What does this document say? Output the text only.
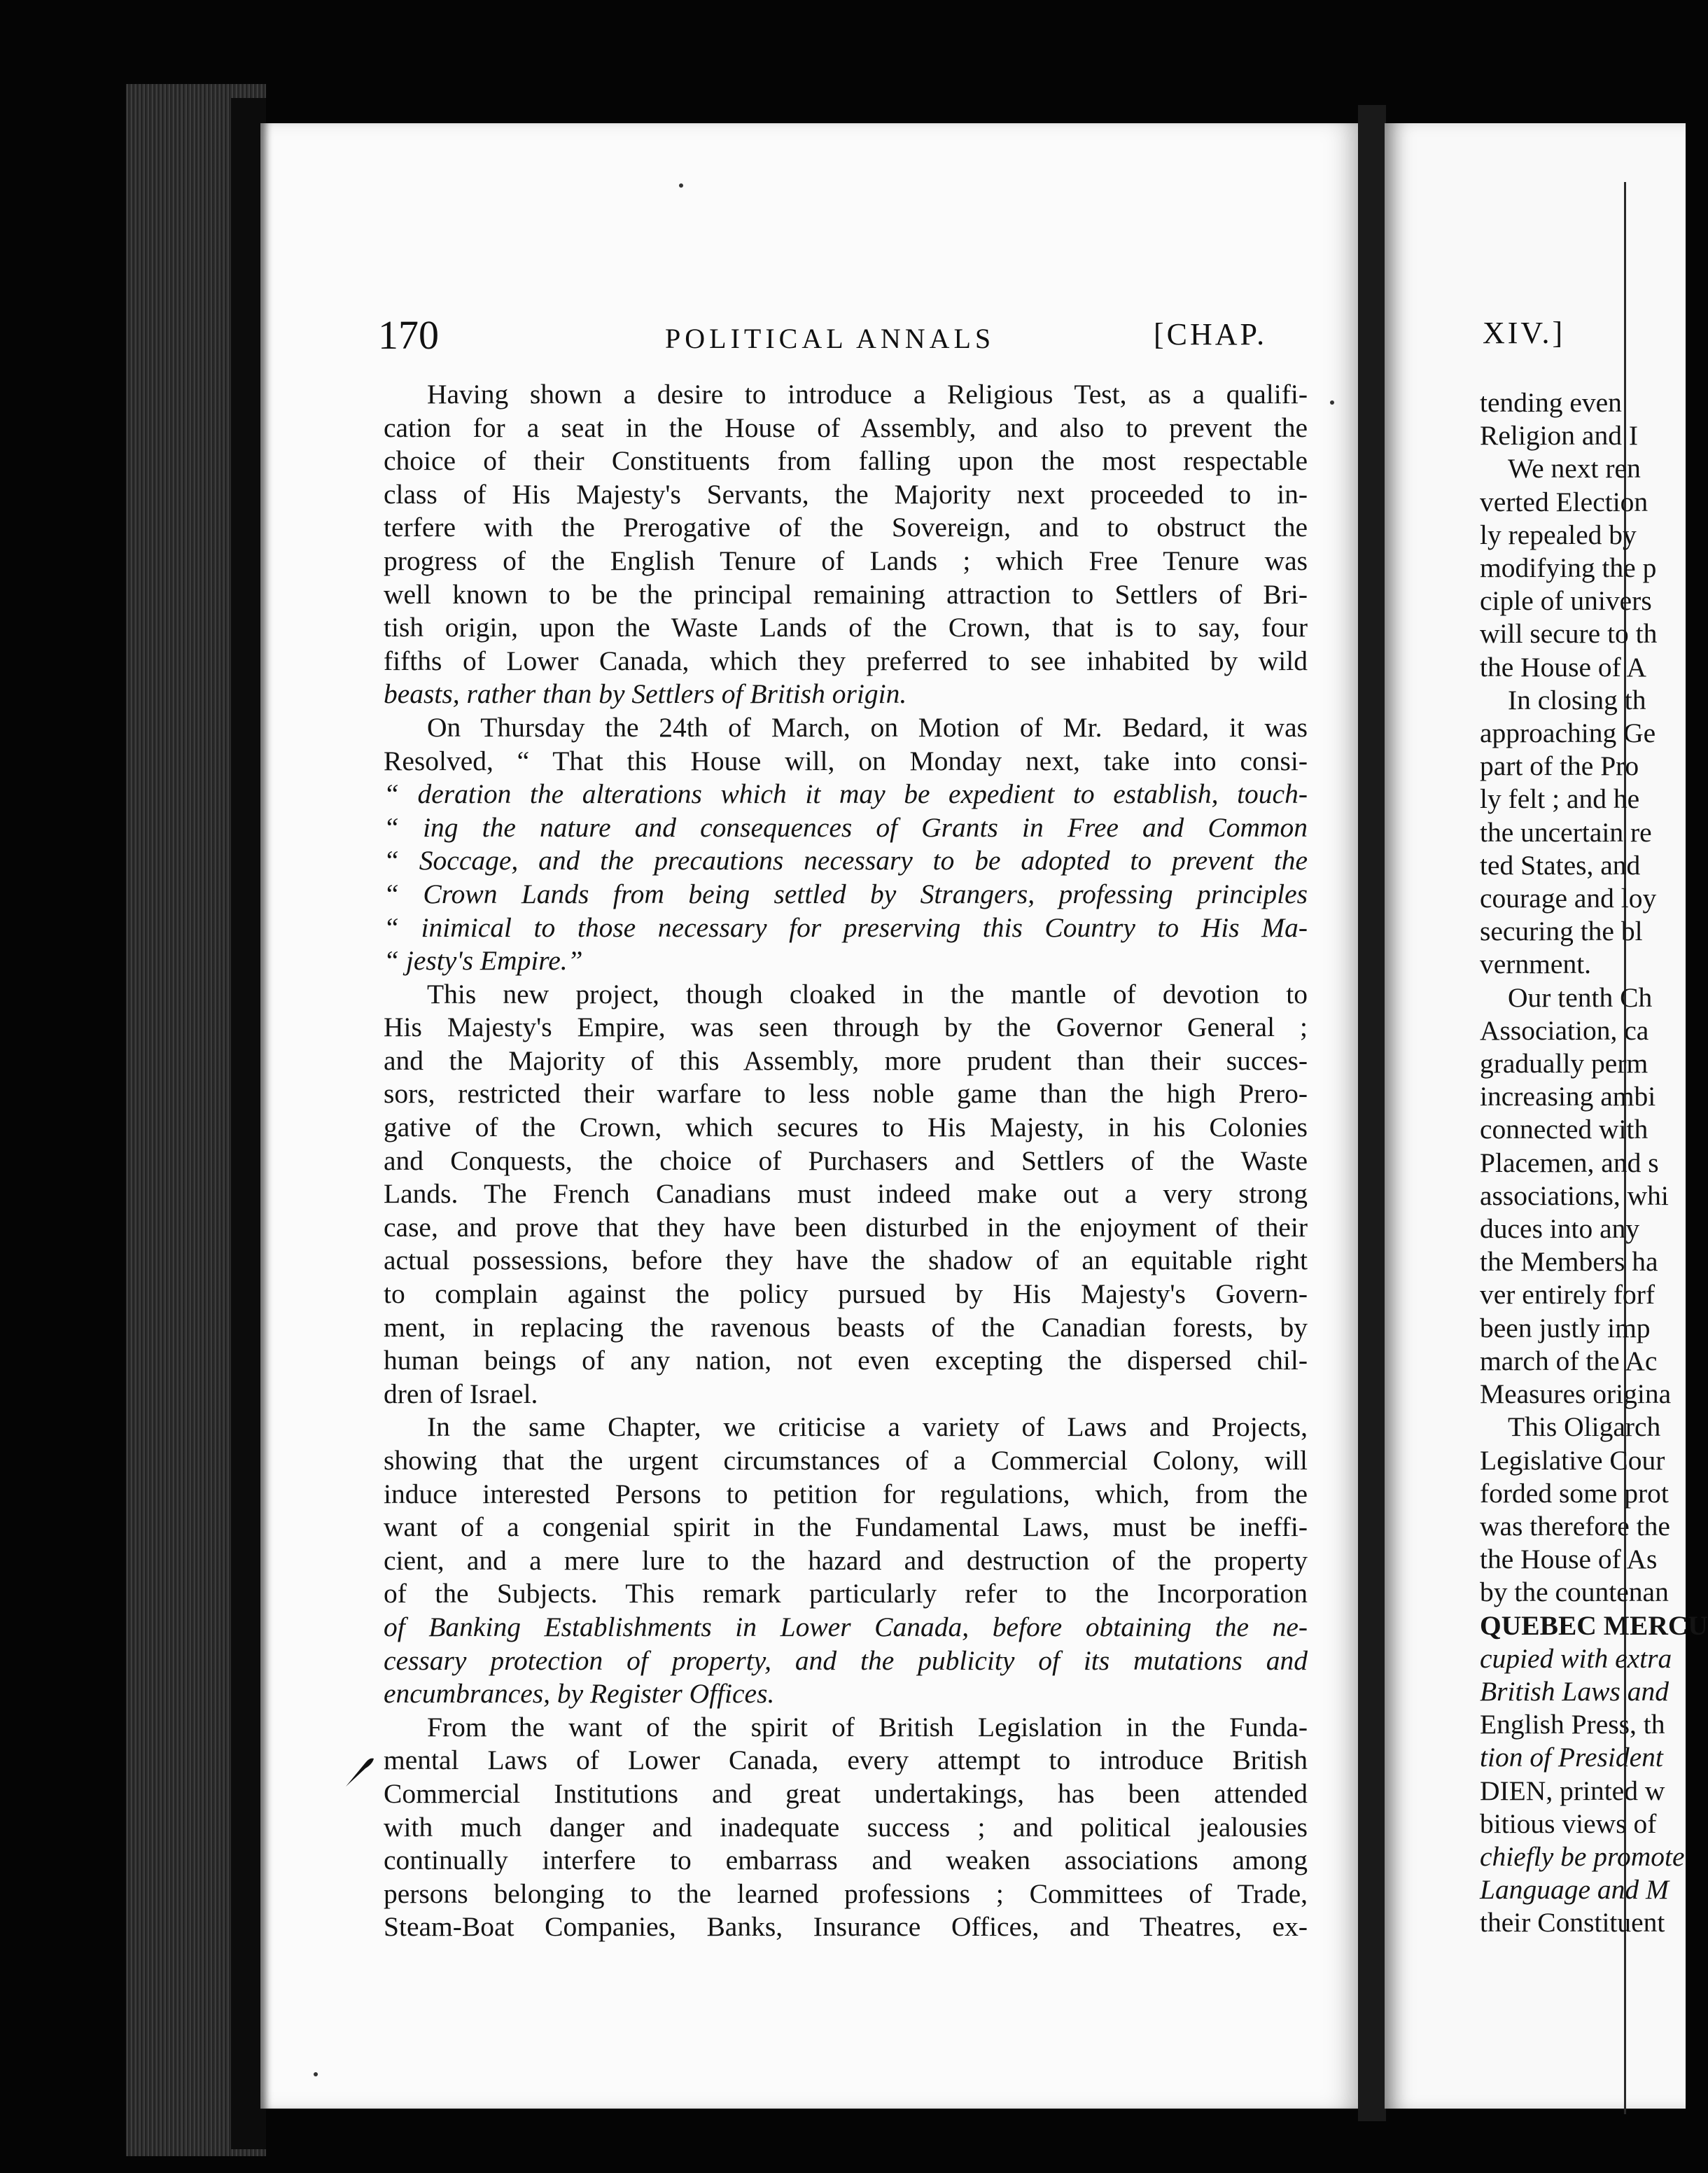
170	POLITICAL ANNALS	[CHAP.
Having shown a desire to introduce a Religious Test, as a qualifi-
cation for a seat in the House of Assembly, and also to prevent the
choice of their Constituents from falling upon the most respectable
class of His Majesty's Servants, the Majority next proceeded to in-
terfere with the Prerogative of the Sovereign, and to obstruct the
progress of the English Tenure of Lands ; which Free Tenure was
well known to be the principal remaining attraction to Settlers of Bri-
tish origin, upon the Waste Lands of the Crown, that is to say, four
fifths of Lower Canada, which they preferred to see inhabited by wild
beasts, rather than by Settlers of British origin.
On Thursday the 24th of March, on Motion of Mr. Bedard, it was
Resolved, “ That this House will, on Monday next, take into consi-
“ deration the alterations which it may be expedient to establish, touch-
“ ing the nature and consequences of Grants in Free and Common
“ Soccage, and the precautions necessary to be adopted to prevent the
“ Crown Lands from being settled by Strangers, professing principles
“ inimical to those necessary for preserving this Country to His Ma-
“ jesty's Empire.”
This new project, though cloaked in the mantle of devotion to
His Majesty's Empire, was seen through by the Governor General ;
and the Majority of this Assembly, more prudent than their succes-
sors, restricted their warfare to less noble game than the high Prero-
gative of the Crown, which secures to His Majesty, in his Colonies
and Conquests, the choice of Purchasers and Settlers of the Waste
Lands. The French Canadians must indeed make out a very strong
case, and prove that they have been disturbed in the enjoyment of their
actual possessions, before they have the shadow of an equitable right
to complain against the policy pursued by His Majesty's Govern-
ment, in replacing the ravenous beasts of the Canadian forests, by
human beings of any nation, not even excepting the dispersed chil-
dren of Israel.
In the same Chapter, we criticise a variety of Laws and Projects,
showing that the urgent circumstances of a Commercial Colony, will
induce interested Persons to petition for regulations, which, from the
want of a congenial spirit in the Fundamental Laws, must be ineffi-
cient, and a mere lure to the hazard and destruction of the property
of the Subjects. This remark particularly refer to the Incorporation
of Banking Establishments in Lower Canada, before obtaining the ne-
cessary protection of property, and the publicity of its mutations and
encumbrances, by Register Offices.
From the want of the spirit of British Legislation in the Funda-
mental Laws of Lower Canada, every attempt to introduce British
Commercial Institutions and great undertakings, has been attended
with much danger and inadequate success ; and political jealousies
continually interfere to embarrass and weaken associations among
persons belonging to the learned professions ; Committees of Trade,
Steam-Boat Companies, Banks, Insurance Offices, and Theatres, ex-
XIV.]
tending even
Religion and I
We next ren
verted Election
ly repealed by
modifying the p
ciple of univers
will secure to th
the House of A
In closing th
approaching Ge
part of the Pro
ly felt ; and he
the uncertain re
ted States, and
courage and loy
securing the bl
vernment.
Our tenth Ch
Association, ca
gradually perm
increasing ambi
connected with
Placemen, and s
associations, whi
duces into any
the Members ha
ver entirely forf
been justly imp
march of the Ac
Measures origina
This Oligarch
Legislative Cour
forded some prot
was therefore the
the House of As
by the countenan
QUEBEC MERCU
cupied with extra
British Laws and
English Press, th
tion of President
DIEN, printed w
bitious views of
chiefly be promote
Language and M
their Constituent
